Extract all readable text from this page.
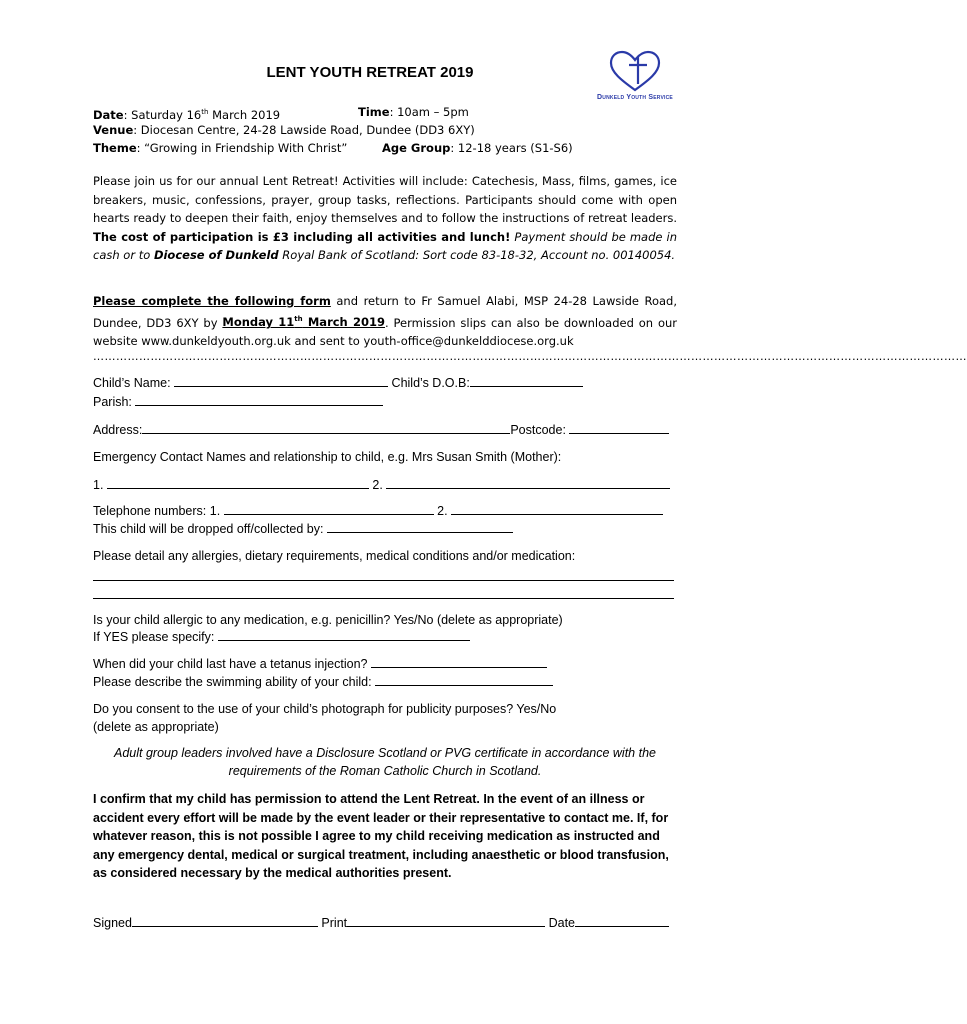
Dunkeld Youth Service
LENT YOUTH RETREAT 2019
Date: Saturday 16th March 2019	Time: 10am – 5pm
Venue: Diocesan Centre, 24-28 Lawside Road, Dundee (DD3 6XY)
Theme: “Growing in Friendship With Christ”	Age Group: 12-18 years (S1-S6)
Please join us for our annual Lent Retreat! Activities will include: Catechesis, Mass, films, games, ice breakers, music, confessions, prayer, group tasks, reflections. Participants should come with open hearts ready to deepen their faith, enjoy themselves and to follow the instructions of retreat leaders. The cost of participation is £3 including all activities and lunch! Payment should be made in cash or to Diocese of Dunkeld Royal Bank of Scotland: Sort code 83-18-32, Account no. 00140054.
Please complete the following form and return to Fr Samuel Alabi, MSP 24-28 Lawside Road, Dundee, DD3 6XY by Monday 11th March 2019. Permission slips can also be downloaded on our website www.dunkeldyouth.org.uk and sent to youth-office@dunkelddiocese.org.uk
…………………………………………………………………………………………………………………………………………………………………………………………………………
Child’s Name:	Child’s D.O.B:
Parish:
Address:	Postcode:
Emergency Contact Names and relationship to child, e.g. Mrs Susan Smith (Mother):
1.	2.
Telephone numbers: 1.	2.
This child will be dropped off/collected by:
Please detail any allergies, dietary requirements, medical conditions and/or medication:
Is your child allergic to any medication, e.g. penicillin? Yes/No (delete as appropriate)
If YES please specify:
When did your child last have a tetanus injection?
Please describe the swimming ability of your child:
Do you consent to the use of your child’s photograph for publicity purposes? Yes/No
(delete as appropriate)
Adult group leaders involved have a Disclosure Scotland or PVG certificate in accordance with the requirements of the Roman Catholic Church in Scotland.
I confirm that my child has permission to attend the Lent Retreat. In the event of an illness or accident every effort will be made by the event leader or their representative to contact me. If, for whatever reason, this is not possible I agree to my child receiving medication as instructed and any emergency dental, medical or surgical treatment, including anaesthetic or blood transfusion, as considered necessary by the medical authorities present.
Signed	Print	Date
